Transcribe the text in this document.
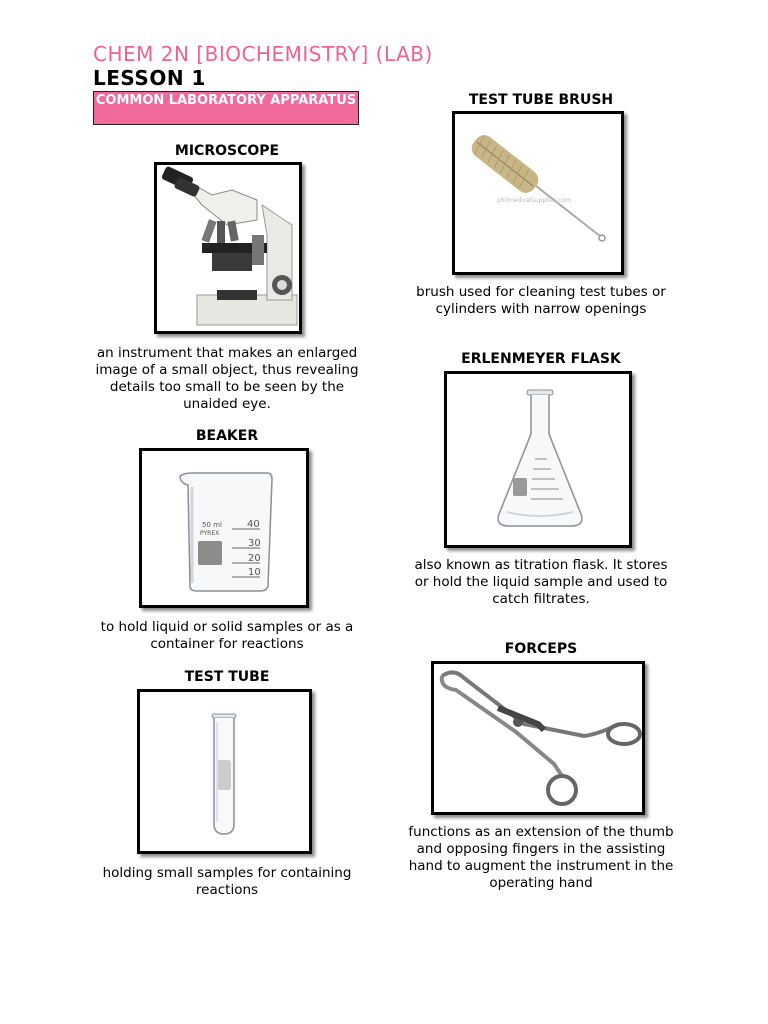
CHEM 2N [BIOCHEMISTRY] (LAB)
LESSON 1
COMMON LABORATORY APPARATUS
MICROSCOPE
an instrument that makes an enlarged image of a small object, thus revealing details too small to be seen by the unaided eye.
BEAKER
50 ml
PYREX
40
30
20
10
to hold liquid or solid samples or as a container for reactions
TEST TUBE
holding small samples for containing reactions
TEST TUBE BRUSH
philmedicalsupplies.com
brush used for cleaning test tubes or cylinders with narrow openings
ERLENMEYER FLASK
also known as titration flask. It stores or hold the liquid sample and used to catch filtrates.
FORCEPS
functions as an extension of the thumb and opposing fingers in the assisting hand to augment the instrument in the operating hand
